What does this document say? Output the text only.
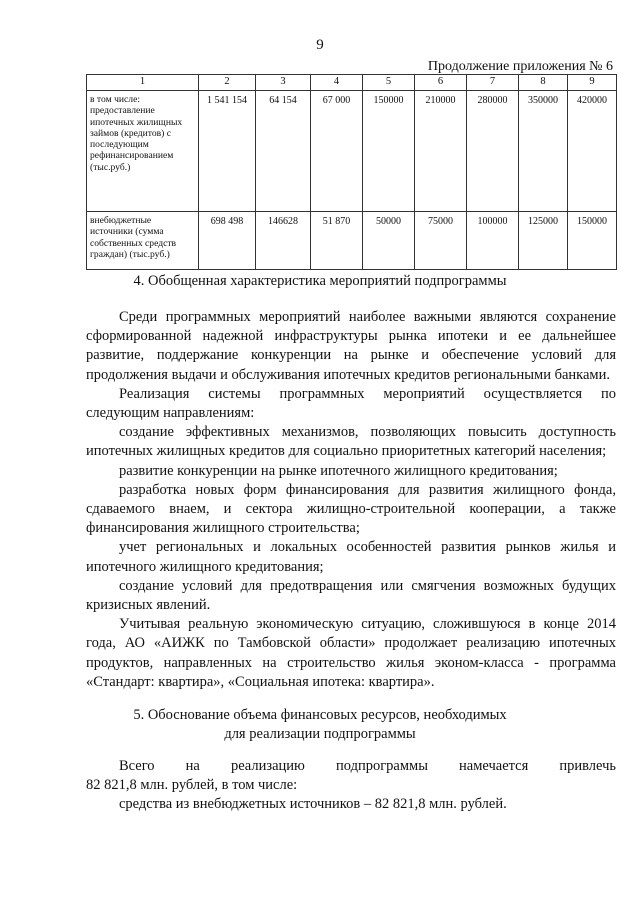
9
Продолжение приложения № 6
1	2	3	4	5	6	7	8	9
в том числе: предоставление ипотечных жилищных займов (кредитов) с последующим рефинансированием (тыс.руб.)	1 541 154	64 154	67 000	150000	210000	280000	350000	420000
внебюджетные источники (сумма собственных средств граждан) (тыс.руб.)	698 498	146628	51 870	50000	75000	100000	125000	150000
4. Обобщенная характеристика мероприятий подпрограммы

Среди программных мероприятий наиболее важными являются сохранение сформированной надежной инфраструктуры рынка ипотеки и ее дальнейшее развитие, поддержание конкуренции на рынке и обеспечение условий для продолжения выдачи и обслуживания ипотечных кредитов региональными банками.

Реализация системы программных мероприятий осуществляется по следующим направлениям:

создание эффективных механизмов, позволяющих повысить доступность ипотечных жилищных кредитов для социально приоритетных категорий населения;

развитие конкуренции на рынке ипотечного жилищного кредитования;

разработка новых форм финансирования для развития жилищного фонда, сдаваемого внаем, и сектора жилищно-строительной кооперации, а также финансирования жилищного строительства;

учет региональных и локальных особенностей развития рынков жилья и ипотечного жилищного кредитования;

создание условий для предотвращения или смягчения возможных будущих кризисных явлений.

Учитывая реальную экономическую ситуацию, сложившуюся в конце 2014 года, АО «АИЖК по Тамбовской области» продолжает реализацию ипотечных продуктов, направленных на строительство жилья эконом-класса - программа «Стандарт: квартира», «Социальная ипотека: квартира».

5. Обоснование объема финансовых ресурсов, необходимых
для реализации подпрограммы

Всего на реализацию подпрограммы намечается привлечь

82 821,8 млн. рублей, в том числе:

средства из внебюджетных источников – 82 821,8 млн. рублей.
